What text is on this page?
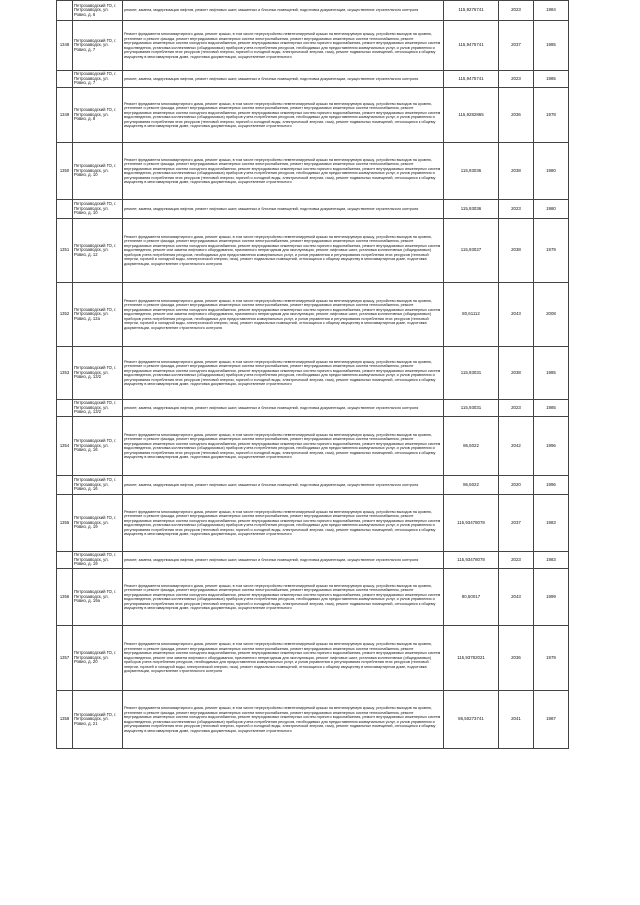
	Петрозаводский ГО, г. Петрозаводск, ул. Ровио, д. 6	ремонт, замена, модернизация лифтов, ремонт лифтовых шахт, машинных и блочных помещений, подготовка документации, осуществление строительного контроля	115,9276741	2023	1984
1348	Петрозаводский ГО, г. Петрозаводск, ул. Ровио, д. 7	Ремонт фундамента многоквартирного дома, ремонт крыши, в том числе переустройство невентилируемой крыши на вентилируемую крышу, устройство выходов на кровлю, утепление и ремонт фасада, ремонт внутридомовых инженерных систем электроснабжения, ремонт внутридомовых инженерных систем теплоснабжения, ремонт внутридомовых инженерных систем холодного водоснабжения, ремонт внутридомовых инженерных систем горячего водоснабжения, ремонт внутридомовых инженерных систем водоотведения, установка коллективных (общедомовых) приборов учета потребления ресурсов, необходимых для предоставления коммунальных услуг, и узлов управления и регулирования потребления этих ресурсов (тепловой энергии, горячей и холодной воды, электрической энергии, газа), ремонт подвальных помещений, относящихся к общему имуществу в многоквартирном доме, подготовка документации, осуществление строительного	115,9475741	2037	1985
	Петрозаводский ГО, г. Петрозаводск, ул. Ровио, д. 7	ремонт, замена, модернизация лифтов, ремонт лифтовых шахт, машинных и блочных помещений, подготовка документации, осуществление строительного контроля	115,9475741	2023	1985
1349	Петрозаводский ГО, г. Петрозаводск, ул. Ровио, д. 8	Ремонт фундамента многоквартирного дома, ремонт крыши, в том числе переустройство невентилируемой крыши на вентилируемую крышу, устройство выходов на кровлю, утепление и ремонт фасада, ремонт внутридомовых инженерных систем электроснабжения, ремонт внутридомовых инженерных систем теплоснабжения, ремонт внутридомовых инженерных систем холодного водоснабжения, ремонт внутридомовых инженерных систем горячего водоснабжения, ремонт внутридомовых инженерных систем водоотведения, установка коллективных (общедомовых) приборов учета потребления ресурсов, необходимых для предоставления коммунальных услуг, и узлов управления и регулирования потребления этих ресурсов (тепловой энергии, горячей и холодной воды, электрической энергии, газа), ремонт подвальных помещений, относящихся к общему имуществу в многоквартирном доме, подготовка документации, осуществление строительного	115,9282865	2036	1978
1350	Петрозаводский ГО, г. Петрозаводск, ул. Ровио, д. 10	Ремонт фундамента многоквартирного дома, ремонт крыши, в том числе переустройство невентилируемой крыши на вентилируемую крышу, устройство выходов на кровлю, утепление и ремонт фасада, ремонт внутридомовых инженерных систем электроснабжения, ремонт внутридомовых инженерных систем теплоснабжения, ремонт внутридомовых инженерных систем холодного водоснабжения, ремонт внутридомовых инженерных систем горячего водоснабжения, ремонт внутридомовых инженерных систем водоотведения, установка коллективных (общедомовых) приборов учета потребления ресурсов, необходимых для предоставления коммунальных услуг, и узлов управления и регулирования потребления этих ресурсов (тепловой энергии, горячей и холодной воды, электрической энергии, газа), ремонт подвальных помещений, относящихся к общему имуществу в многоквартирном доме, подготовка документации, осуществление строительного	115,93036	2038	1980
	Петрозаводский ГО, г. Петрозаводск, ул. Ровио, д. 10	ремонт, замена, модернизация лифтов, ремонт лифтовых шахт, машинных и блочных помещений, подготовка документации, осуществление строительного контроля	115,93036	2023	1980
1351	Петрозаводский ГО, г. Петрозаводск, ул. Ровио, д. 12	Ремонт фундамента многоквартирного дома, ремонт крыши, в том числе переустройство невентилируемой крыши на вентилируемую крышу, устройство выходов на кровлю, утепление и ремонт фасада, ремонт внутридомовых инженерных систем электроснабжения, ремонт внутридомовых инженерных систем теплоснабжения, ремонт внутридомовых инженерных систем холодного водоснабжения, ремонт внутридомовых инженерных систем горячего водоснабжения, ремонт внутридомовых инженерных систем водоотведения, ремонт или замена лифтового оборудования, признанного непригодным для эксплуатации, ремонт лифтовых шахт, установка коллективных (общедомовых) приборов учета потребления ресурсов, необходимых для предоставления коммунальных услуг, и узлов управления и регулирования потребления этих ресурсов (тепловой энергии, горячей и холодной воды, электрической энергии, газа), ремонт подвальных помещений, относящихся к общему имуществу в многоквартирном доме, подготовка документации, осуществление строительного контроля	115,93027	2038	1979
1352	Петрозаводский ГО, г. Петрозаводск, ул. Ровио, д. 12а	Ремонт фундамента многоквартирного дома, ремонт крыши, в том числе переустройство невентилируемой крыши на вентилируемую крышу, устройство выходов на кровлю, утепление и ремонт фасада, ремонт внутридомовых инженерных систем электроснабжения, ремонт внутридомовых инженерных систем теплоснабжения, ремонт внутридомовых инженерных систем холодного водоснабжения, ремонт внутридомовых инженерных систем горячего водоснабжения, ремонт внутридомовых инженерных систем водоотведения, ремонт или замена лифтового оборудования, признанного непригодным для эксплуатации, ремонт лифтовых шахт, установка коллективных (общедомовых) приборов учета потребления ресурсов, необходимых для предоставления коммунальных услуг, и узлов управления и регулирования потребления этих ресурсов (тепловой энергии, горячей и холодной воды, электрической энергии, газа), ремонт подвальных помещений, относящихся к общему имуществу в многоквартирном доме, подготовка документации, осуществление строительного контроля	80,61112	2043	2008
1353	Петрозаводский ГО, г. Петрозаводск, ул. Ровио, д. 13/2	Ремонт фундамента многоквартирного дома, ремонт крыши, в том числе переустройство невентилируемой крыши на вентилируемую крышу, устройство выходов на кровлю, утепление и ремонт фасада, ремонт внутридомовых инженерных систем электроснабжения, ремонт внутридомовых инженерных систем теплоснабжения, ремонт внутридомовых инженерных систем холодного водоснабжения, ремонт внутридомовых инженерных систем горячего водоснабжения, ремонт внутридомовых инженерных систем водоотведения, установка коллективных (общедомовых) приборов учета потребления ресурсов, необходимых для предоставления коммунальных услуг, и узлов управления и регулирования потребления этих ресурсов (тепловой энергии, горячей и холодной воды, электрической энергии, газа), ремонт подвальных помещений, относящихся к общему имуществу в многоквартирном доме, подготовка документации, осуществление строительного	115,93031	2038	1985
	Петрозаводский ГО, г. Петрозаводск, ул. Ровио, д. 13/2	ремонт, замена, модернизация лифтов, ремонт лифтовых шахт, машинных и блочных помещений, подготовка документации, осуществление строительного контроля	115,93031	2023	1985
1354	Петрозаводский ГО, г. Петрозаводск, ул. Ровио, д. 16	Ремонт фундамента многоквартирного дома, ремонт крыши, в том числе переустройство невентилируемой крыши на вентилируемую крышу, устройство выходов на кровлю, утепление и ремонт фасада, ремонт внутридомовых инженерных систем электроснабжения, ремонт внутридомовых инженерных систем теплоснабжения, ремонт внутридомовых инженерных систем холодного водоснабжения, ремонт внутридомовых инженерных систем горячего водоснабжения, ремонт внутридомовых инженерных систем водоотведения, установка коллективных (общедомовых) приборов учета потребления ресурсов, необходимых для предоставления коммунальных услуг, и узлов управления и регулирования потребления этих ресурсов (тепловой энергии, горячей и холодной воды, электрической энергии, газа), ремонт подвальных помещений, относящихся к общему имуществу в многоквартирном доме, подготовка документации, осуществление строительного	86,5022	2042	1996
	Петрозаводский ГО, г. Петрозаводск, ул. Ровио, д. 16	ремонт, замена, модернизация лифтов, ремонт лифтовых шахт, машинных и блочных помещений, подготовка документации, осуществление строительного контроля	86,5022	2020	1996
1355	Петрозаводский ГО, г. Петрозаводск, ул. Ровио, д. 19	Ремонт фундамента многоквартирного дома, ремонт крыши, в том числе переустройство невентилируемой крыши на вентилируемую крышу, устройство выходов на кровлю, утепление и ремонт фасада, ремонт внутридомовых инженерных систем электроснабжения, ремонт внутридомовых инженерных систем теплоснабжения, ремонт внутридомовых инженерных систем холодного водоснабжения, ремонт внутридомовых инженерных систем горячего водоснабжения, ремонт внутридомовых инженерных систем водоотведения, установка коллективных (общедомовых) приборов учета потребления ресурсов, необходимых для предоставления коммунальных услуг, и узлов управления и регулирования потребления этих ресурсов (тепловой энергии, горячей и холодной воды, электрической энергии, газа), ремонт подвальных помещений, относящихся к общему имуществу в многоквартирном доме, подготовка документации, осуществление строительного	115,93478078	2037	1983
	Петрозаводский ГО, г. Петрозаводск, ул. Ровио, д. 19	ремонт, замена, модернизация лифтов, ремонт лифтовых шахт, машинных и блочных помещений, подготовка документации, осуществление строительного контроля	115,93478078	2023	1983
1356	Петрозаводский ГО, г. Петрозаводск, ул. Ровио, д. 19а	Ремонт фундамента многоквартирного дома, ремонт крыши, в том числе переустройство невентилируемой крыши на вентилируемую крышу, устройство выходов на кровлю, утепление и ремонт фасада, ремонт внутридомовых инженерных систем электроснабжения, ремонт внутридомовых инженерных систем теплоснабжения, ремонт внутридомовых инженерных систем холодного водоснабжения, ремонт внутридомовых инженерных систем горячего водоснабжения, ремонт внутридомовых инженерных систем водоотведения, установка коллективных (общедомовых) приборов учета потребления ресурсов, необходимых для предоставления коммунальных услуг, и узлов управления и регулирования потребления этих ресурсов (тепловой энергии, горячей и холодной воды, электрической энергии, газа), ремонт подвальных помещений, относящихся к общему имуществу в многоквартирном доме, подготовка документации, осуществление строительного	80,50017	2043	1999
1357	Петрозаводский ГО, г. Петрозаводск, ул. Ровио, д. 20	Ремонт фундамента многоквартирного дома, ремонт крыши, в том числе переустройство невентилируемой крыши на вентилируемую крышу, устройство выходов на кровлю, утепление и ремонт фасада, ремонт внутридомовых инженерных систем электроснабжения, ремонт внутридомовых инженерных систем теплоснабжения, ремонт внутридомовых инженерных систем холодного водоснабжения, ремонт внутридомовых инженерных систем горячего водоснабжения, ремонт внутридомовых инженерных систем водоотведения, ремонт или замена лифтового оборудования, признанного непригодным для эксплуатации, ремонт лифтовых шахт, установка коллективных (общедомовых) приборов учета потребления ресурсов, необходимых для предоставления коммунальных услуг, и узлов управления и регулирования потребления этих ресурсов (тепловой энергии, горячей и холодной воды, электрической энергии, газа), ремонт подвальных помещений, относящихся к общему имуществу в многоквартирном доме, подготовка документации, осуществление строительного контроля	115,93782021	2036	1979
1358	Петрозаводский ГО, г. Петрозаводск, ул. Ровио, д. 21	Ремонт фундамента многоквартирного дома, ремонт крыши, в том числе переустройство невентилируемой крыши на вентилируемую крышу, устройство выходов на кровлю, утепление и ремонт фасада, ремонт внутридомовых инженерных систем электроснабжения, ремонт внутридомовых инженерных систем теплоснабжения, ремонт внутридомовых инженерных систем холодного водоснабжения, ремонт внутридомовых инженерных систем горячего водоснабжения, ремонт внутридомовых инженерных систем водоотведения, установка коллективных (общедомовых) приборов учета потребления ресурсов, необходимых для предоставления коммунальных услуг, и узлов управления и регулирования потребления этих ресурсов (тепловой энергии, горячей и холодной воды, электрической энергии, газа), ремонт подвальных помещений, относящихся к общему имуществу в многоквартирном доме, подготовка документации, осуществление строительного	86,50273741	2041	1987
